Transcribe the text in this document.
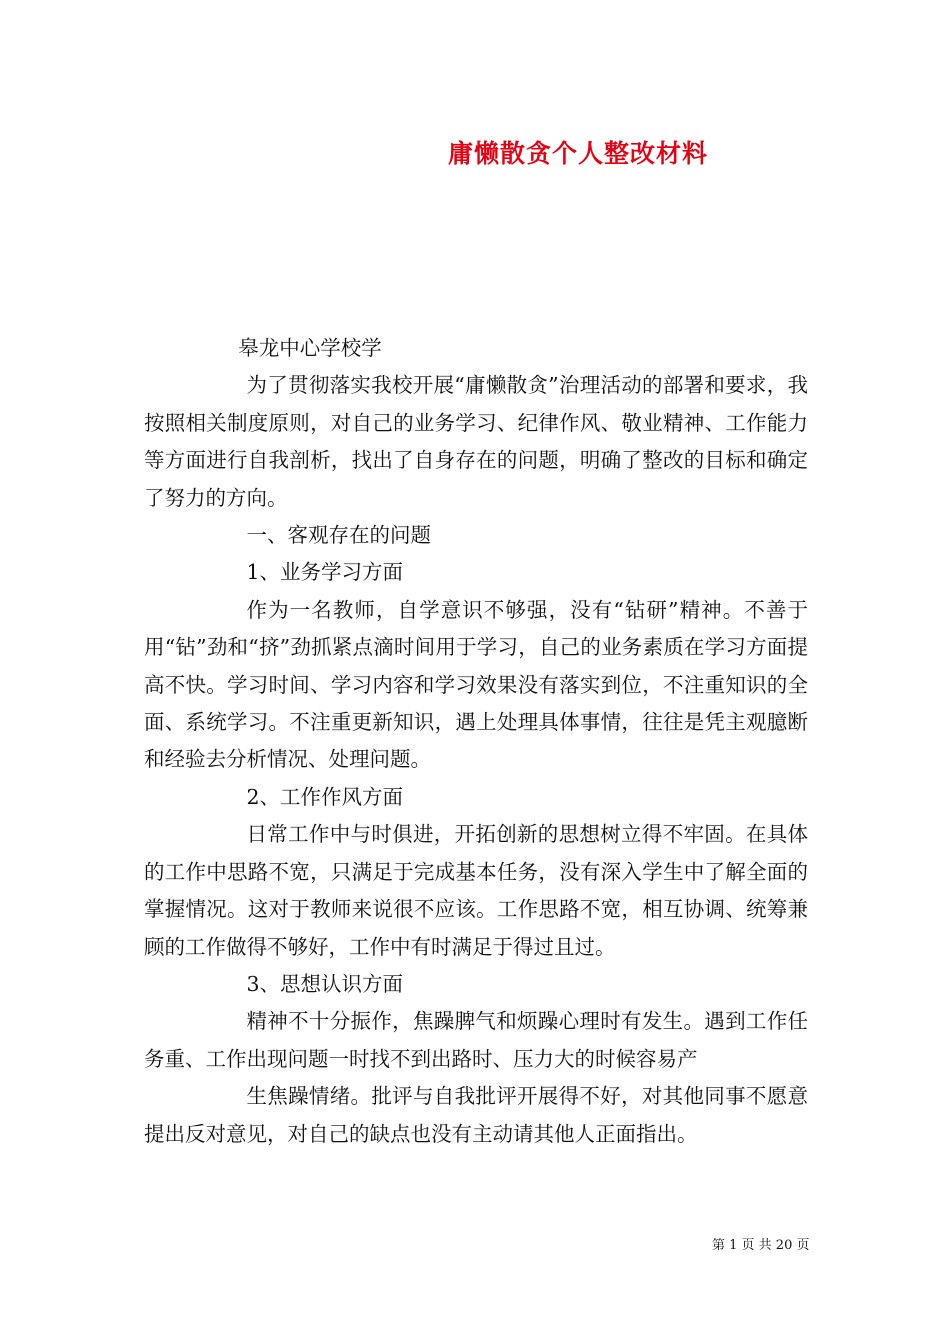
庸懒散贪个人整改材料

皋龙中心学校学

为了贯彻落实我校开展“庸懒散贪”治理活动的部署和要求，我按照相关制度原则，对自己的业务学习、纪律作风、敬业精神、工作能力等方面进行自我剖析，找出了自身存在的问题，明确了整改的目标和确定了努力的方向。

一、客观存在的问题

1、业务学习方面

作为一名教师，自学意识不够强，没有“钻研”精神。不善于用“钻”劲和“挤”劲抓紧点滴时间用于学习，自己的业务素质在学习方面提高不快。学习时间、学习内容和学习效果没有落实到位，不注重知识的全面、系统学习。不注重更新知识，遇上处理具体事情，往往是凭主观臆断和经验去分析情况、处理问题。

2、工作作风方面

日常工作中与时俱进，开拓创新的思想树立得不牢固。在具体的工作中思路不宽，只满足于完成基本任务，没有深入学生中了解全面的掌握情况。这对于教师来说很不应该。工作思路不宽，相互协调、统筹兼顾的工作做得不够好，工作中有时满足于得过且过。

3、思想认识方面

精神不十分振作，焦躁脾气和烦躁心理时有发生。遇到工作任务重、工作出现问题一时找不到出路时、压力大的时候容易产

生焦躁情绪。批评与自我批评开展得不好，对其他同事不愿意提出反对意见，对自己的缺点也没有主动请其他人正面指出。

第 1 页 共 20 页
